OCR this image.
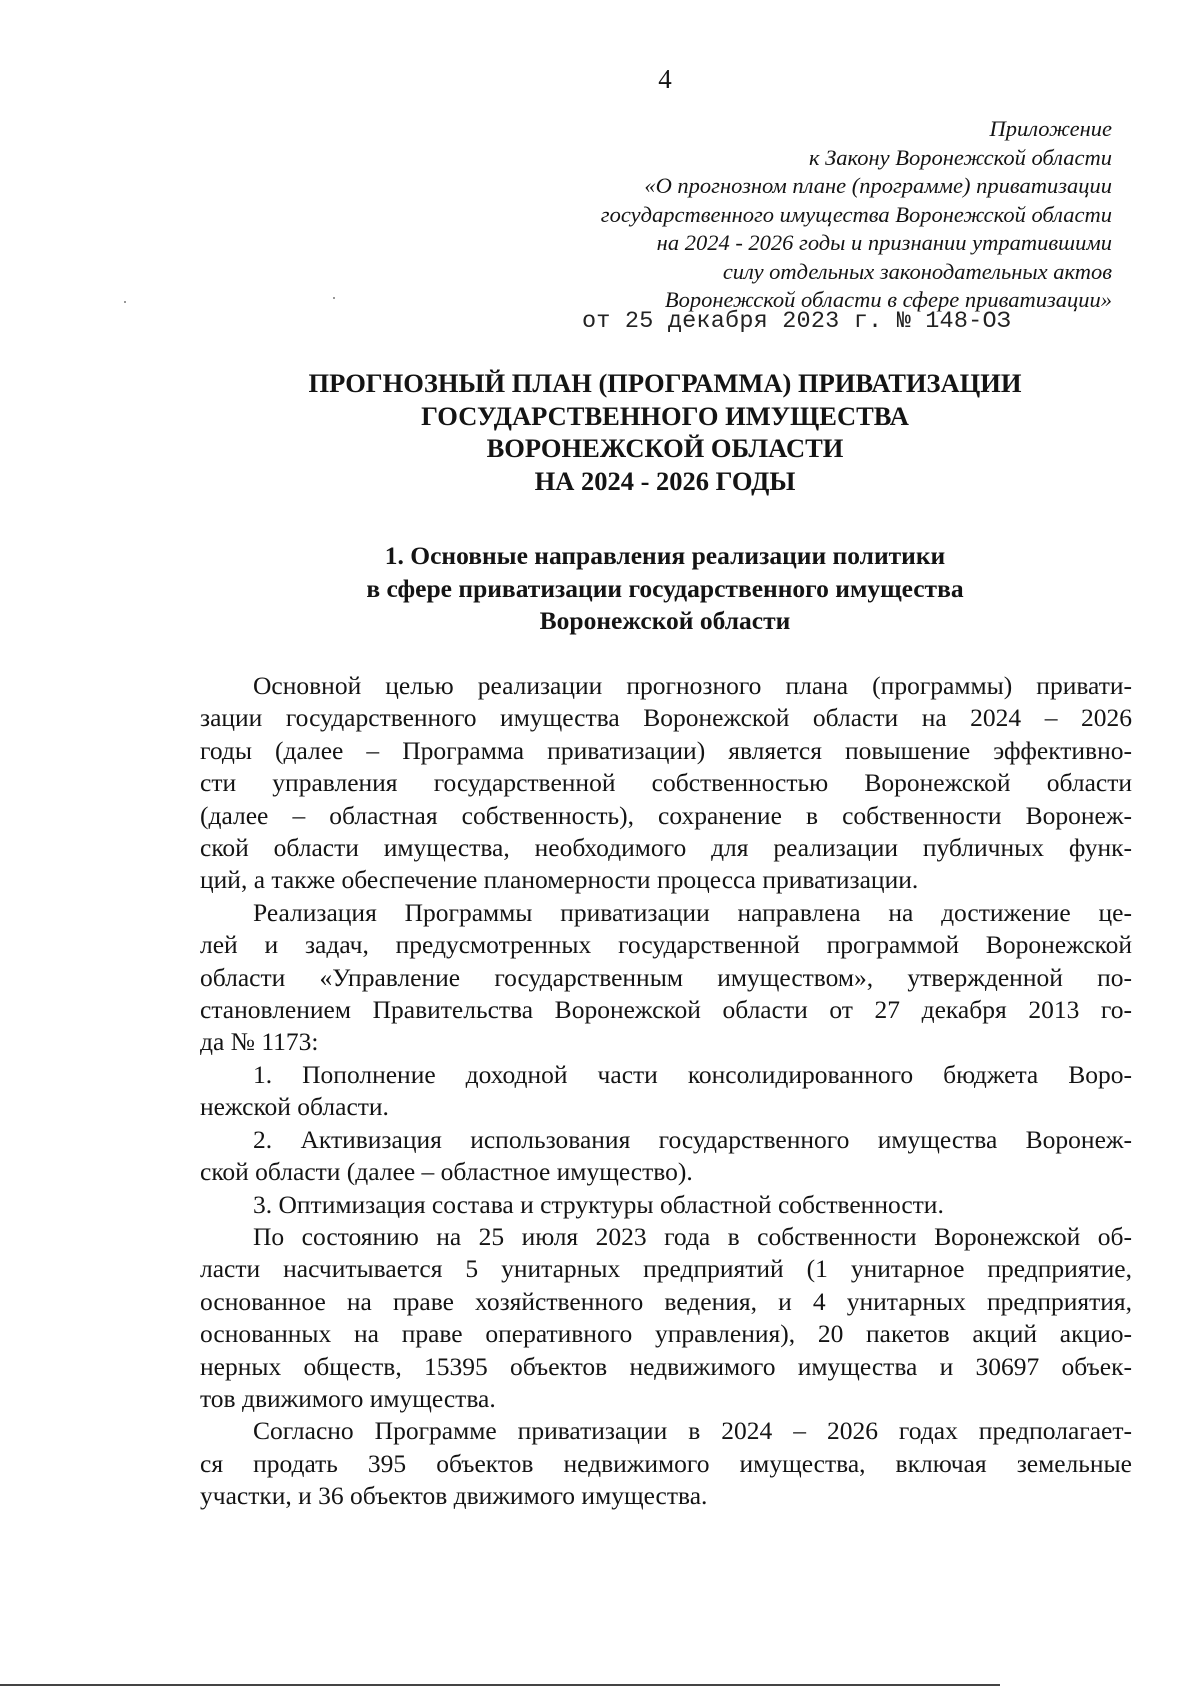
4
Приложение
к Закону Воронежской области
«О прогнозном плане (программе) приватизации
государственного имущества Воронежской области
на 2024 - 2026 годы и признании утратившими
силу отдельных законодательных актов
Воронежской области в сфере приватизации»
от 25 декабря 2023 г. № 148-ОЗ
ПРОГНОЗНЫЙ ПЛАН (ПРОГРАММА) ПРИВАТИЗАЦИИ
ГОСУДАРСТВЕННОГО ИМУЩЕСТВА
ВОРОНЕЖСКОЙ ОБЛАСТИ
НА 2024 - 2026 ГОДЫ
1. Основные направления реализации политики
в сфере приватизации государственного имущества
Воронежской области

Основной целью реализации прогнозного плана (программы) привати-
зации государственного имущества Воронежской области на 2024 – 2026
годы (далее – Программа приватизации) является повышение эффективно-
сти управления государственной собственностью Воронежской области
(далее – областная собственность), сохранение в собственности Воронеж-
ской области имущества, необходимого для реализации публичных функ-
ций, а также обеспечение планомерности процесса приватизации.

Реализация Программы приватизации направлена на достижение це-
лей и задач, предусмотренных государственной программой Воронежской
области «Управление государственным имуществом», утвержденной по-
становлением Правительства Воронежской области от 27 декабря 2013 го-
да № 1173:

1. Пополнение доходной части консолидированного бюджета Воро-
нежской области.

2. Активизация использования государственного имущества Воронеж-
ской области (далее – областное имущество).

3. Оптимизация состава и структуры областной собственности.

По состоянию на 25 июля 2023 года в собственности Воронежской об-
ласти насчитывается 5 унитарных предприятий (1 унитарное предприятие,
основанное на праве хозяйственного ведения, и 4 унитарных предприятия,
основанных на праве оперативного управления), 20 пакетов акций акцио-
нерных обществ, 15395 объектов недвижимого имущества и 30697 объек-
тов движимого имущества.

Согласно Программе приватизации в 2024 – 2026 годах предполагает-
ся продать 395 объектов недвижимого имущества, включая земельные
участки, и 36 объектов движимого имущества.
